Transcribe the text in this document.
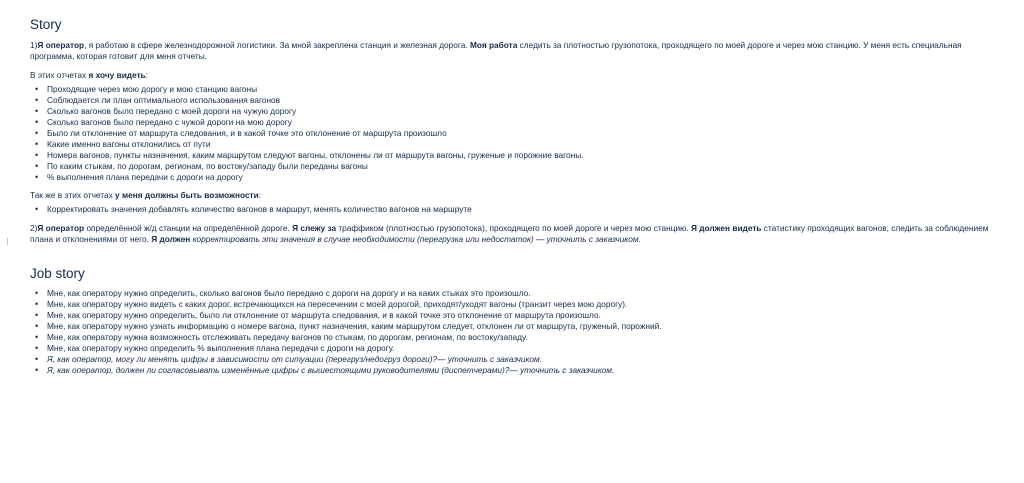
Story

1)Я оператор, я работаю в сфере железнодорожной логистики. За мной закреплена станция и железная дорога. Моя работа следить за плотностью грузопотока, проходящего по моей дороге и через мою станцию. У меня есть специальная программа, которая готовит для меня отчеты.

В этих отчетах я хочу видеть:

• Проходящие через мою дорогу и мою станцию вагоны
• Соблюдается ли план оптимального использования вагонов
• Сколько вагонов было передано с моей дороги на чужую дорогу
• Сколько вагонов было передано с чужой дороги на мою дорогу
• Было ли отклонение от маршрута следования, и в какой точке это отклонение от маршрута произошло
• Какие именно вагоны отклонились от пути
• Номера вагонов, пункты назначения, каким маршрутом следуют вагоны, отклонены ли от маршрута вагоны, груженые и порожние вагоны.
• По каким стыкам, по дорогам, регионам, по востоку/западу были переданы вагоны
• % выполнения плана передачи с дороги на дорогу

Так же в этих отчетах у меня должны быть возможности:

• Корректировать значения добавлять количество вагонов в маршрут, менять количество вагонов на маршруте

2)Я оператор определённой ж/д станции на определённой дороге. Я слежу за траффиком (плотностью грузопотока), проходящего по моей дороге и через мою станцию. Я должен видеть статистику проходящих вагонов, следить за соблюдением плана и отклонениями от него. Я должен корректировать эти значения в случае необходимости (перегрузка или недостаток) — уточнить с заказчиком.

Job story
• Мне, как оператору нужно определить, сколько вагонов было передано с дороги на дорогу и на каких стыках это произошло.
• Мне, как оператору нужно видеть с каких дорог, встречающихся на пересечении с моей дорогой, приходят/уходят вагоны (транзит через мою дорогу).
• Мне, как оператору нужно определить, было ли отклонение от маршрута следования, и в какой точке это отклонение от маршрута произошло.
• Мне, как оператору нужно узнать информацию о номере вагона, пункт назначения, каким маршрутом следует, отклонен ли от маршрута, груженый, порожний.
• Мне, как оператору нужна возможность отслеживать передачу вагонов по стыкам, по дорогам, регионам, по востоку/западу.
• Мне, как оператору нужно определить % выполнения плана передачи с дороги на дорогу.
• Я, как оператор, могу ли менять цифры в зависимости от ситуации (перегруз/недогруз дороги)?— уточнить с заказчиком.
• Я, как оператор, должен ли согласовывать изменённые цифры с вышестоящими руководителями (диспетчерами)?— уточнить с заказчиком.
